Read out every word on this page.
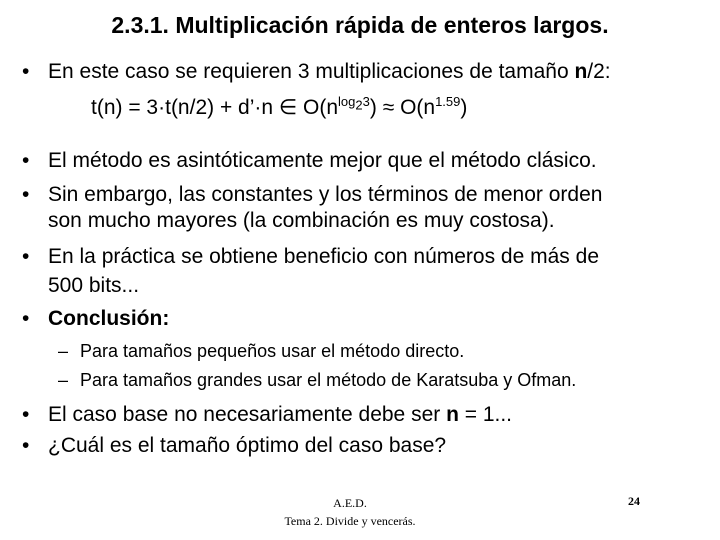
2.3.1. Multiplicación rápida de enteros largos.
• En este caso se requieren 3 multiplicaciones de tamaño n/2:
t(n) = 3·t(n/2) + d’·n ∈ $O(n^{log_23}) \approx O(n^{1.59})$
• El método es asintóticamente mejor que el método clásico.
• Sin embargo, las constantes y los términos de menor orden
son mucho mayores (la combinación es muy costosa).
• En la práctica se obtiene beneficio con números de más de
500 bits...
• Conclusión:
– Para tamaños pequeños usar el método directo.
– Para tamaños grandes usar el método de Karatsuba y Ofman.
• El caso base no necesariamente debe ser n = 1...
• ¿Cuál es el tamaño óptimo del caso base?
A.E.D.
Tema 2. Divide y vencerás.
24
